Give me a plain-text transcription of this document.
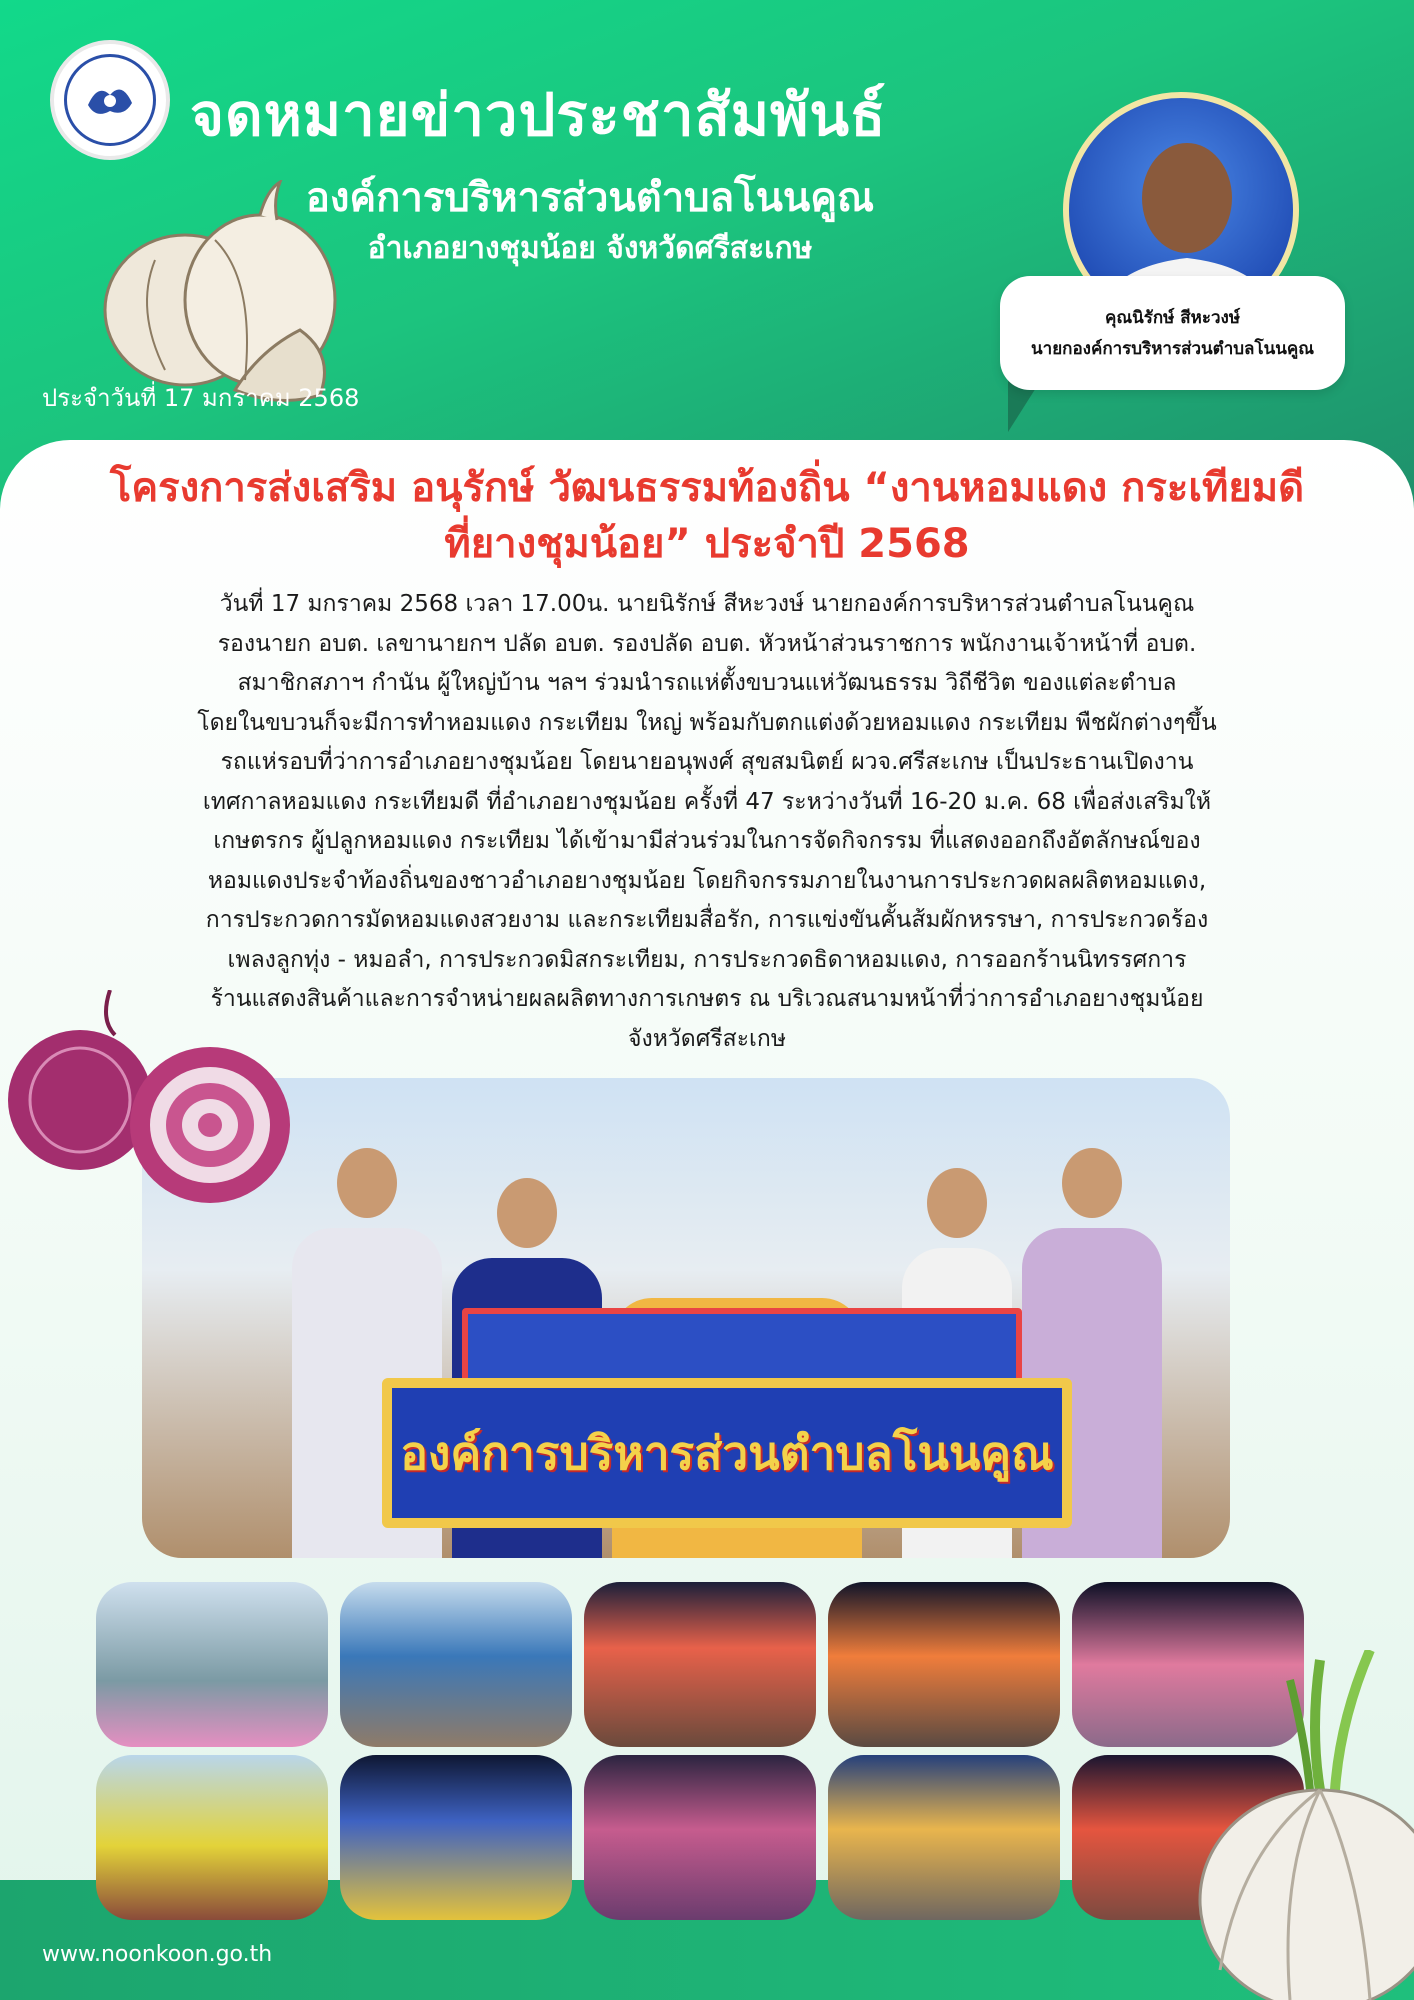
จดหมายข่าวประชาสัมพันธ์
องค์การบริหารส่วนตำบลโนนคูณ
อำเภอยางชุมน้อย จังหวัดศรีสะเกษ
ประจำวันที่ 17 มกราคม 2568
คุณนิรักษ์ สีหะวงษ์
นายกองค์การบริหารส่วนตำบลโนนคูณ
โครงการส่งเสริม อนุรักษ์ วัฒนธรรมท้องถิ่น “งานหอมแดง กระเทียมดี
ที่ยางชุมน้อย” ประจำปี 2568
วันที่ 17 มกราคม 2568 เวลา 17.00น. นายนิรักษ์ สีหะวงษ์ นายกองค์การบริหารส่วนตำบลโนนคูณ
รองนายก อบต. เลขานายกฯ ปลัด อบต. รองปลัด อบต. หัวหน้าส่วนราชการ พนักงานเจ้าหน้าที่ อบต.
สมาชิกสภาฯ กำนัน ผู้ใหญ่บ้าน ฯลฯ ร่วมนำรถแห่ตั้งขบวนแห่วัฒนธรรม วิถีชีวิต ของแต่ละตำบล
โดยในขบวนก็จะมีการทำหอมแดง กระเทียม ใหญ่ พร้อมกับตกแต่งด้วยหอมแดง กระเทียม พืชผักต่างๆขึ้น
รถแห่รอบที่ว่าการอำเภอยางชุมน้อย โดยนายอนุพงศ์ สุขสมนิตย์ ผวจ.ศรีสะเกษ เป็นประธานเปิดงาน
เทศกาลหอมแดง กระเทียมดี ที่อำเภอยางชุมน้อย ครั้งที่ 47 ระหว่างวันที่ 16-20 ม.ค. 68 เพื่อส่งเสริมให้
เกษตรกร ผู้ปลูกหอมแดง กระเทียม ได้เข้ามามีส่วนร่วมในการจัดกิจกรรม ที่แสดงออกถึงอัตลักษณ์ของ
หอมแดงประจำท้องถิ่นของชาวอำเภอยางชุมน้อย โดยกิจกรรมภายในงานการประกวดผลผลิตหอมแดง,
การประกวดการมัดหอมแดงสวยงาม และกระเทียมสื่อรัก, การแข่งขันคั้นส้มผักหรรษา, การประกวดร้อง
เพลงลูกทุ่ง - หมอลำ, การประกวดมิสกระเทียม, การประกวดธิดาหอมแดง, การออกร้านนิทรรศการ
ร้านแสดงสินค้าและการจำหน่ายผลผลิตทางการเกษตร ณ บริเวณสนามหน้าที่ว่าการอำเภอยางชุมน้อย
จังหวัดศรีสะเกษ
องค์การบริหารส่วนตำบลโนนคูณ
www.noonkoon.go.th
